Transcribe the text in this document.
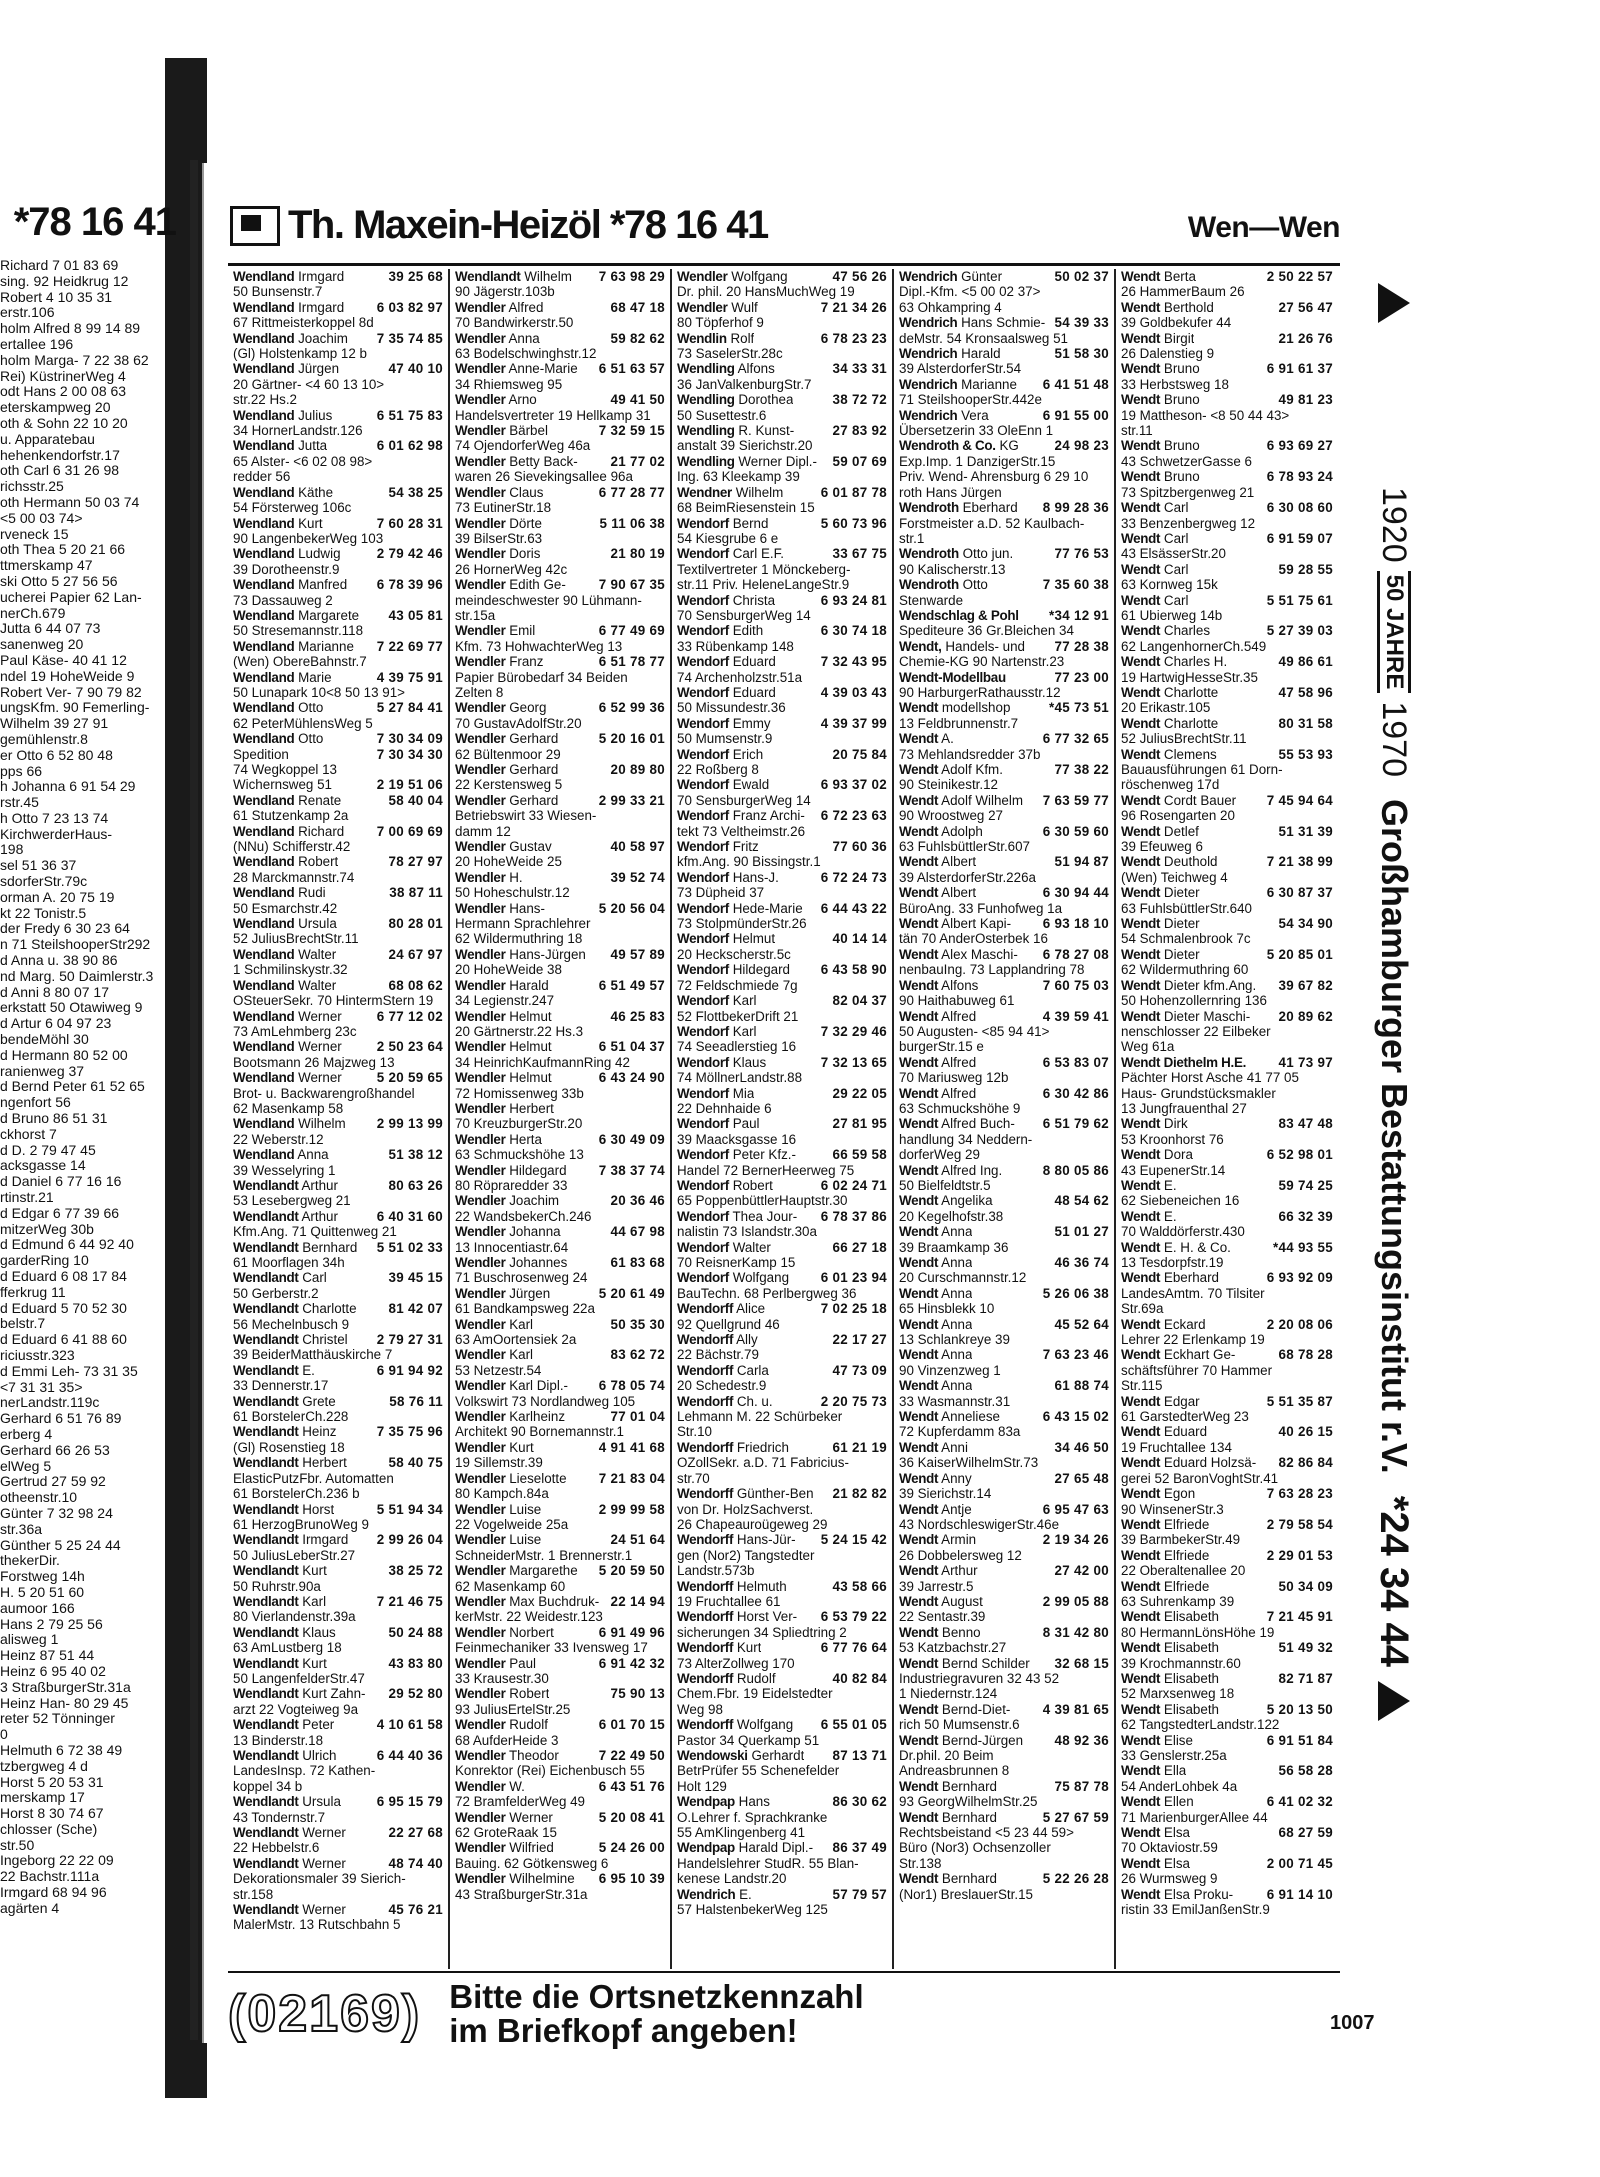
*78 16 41
Richard 7 01 83 69
sing. 92 Heidkrug 12
Robert 4 10 35 31
erstr.106
holm Alfred 8 99 14 89
ertallee 196
holm Marga- 7 22 38 62
Rei) KüstrinerWeg 4
odt Hans 2 00 08 63
eterskampweg 20
oth & Sohn 22 10 20
u. Apparatebau
hehenkendorfstr.17
oth Carl 6 31 26 98
richsstr.25
oth Hermann 50 03 74
<5 00 03 74>
rveneck 15
oth Thea 5 20 21 66
ttmerskamp 47
ski Otto 5 27 56 56
ucherei Papier 62 Lan-
nerCh.679
Jutta 6 44 07 73
sanenweg 20
Paul Käse- 40 41 12
ndel 19 HoheWeide 9
Robert Ver- 7 90 79 82
ungsKfm. 90 Femerling-
Wilhelm 39 27 91
gemühlenstr.8
er Otto 6 52 80 48
pps 66
h Johanna 6 91 54 29
rstr.45
h Otto 7 23 13 74
KirchwerderHaus-
198
sel 51 36 37
sdorferStr.79c
orman A. 20 75 19
kt 22 Tonistr.5
der Fredy 6 30 23 64
n 71 SteilshooperStr292
d Anna u. 38 90 86
nd Marg. 50 Daimlerstr.3
d Anni 8 80 07 17
erkstatt 50 Otawiweg 9
d Artur 6 04 97 23
bendeMöhl 30
d Hermann 80 52 00
ranienweg 37
d Bernd Peter 61 52 65
ngenfort 56
d Bruno 86 51 31
ckhorst 7
d D. 2 79 47 45
acksgasse 14
d Daniel 6 77 16 16
rtinstr.21
d Edgar 6 77 39 66
mitzerWeg 30b
d Edmund 6 44 92 40
garderRing 10
d Eduard 6 08 17 84
fferkrug 11
d Eduard 5 70 52 30
belstr.7
d Eduard 6 41 88 60
riciusstr.323
d Emmi Leh- 73 31 35
<7 31 31 35>
nerLandstr.119c
Gerhard 6 51 76 89
erberg 4
Gerhard 66 26 53
elWeg 5
Gertrud 27 59 92
otheenstr.10
Günter 7 32 98 24
str.36a
Günther 5 25 24 44
thekerDir.
Forstweg 14h
H. 5 20 51 60
aumoor 166
Hans 2 79 25 56
alisweg 1
Heinz 87 51 44
Heinz 6 95 40 02
3 StraßburgerStr.31a
Heinz Han- 80 29 45
reter 52 Tönninger
0
Helmuth 6 72 38 49
tzbergweg 4 d
Horst 5 20 53 31
merskamp 17
Horst 8 30 74 67
chlosser (Sche)
str.50
Ingeborg 22 22 09
22 Bachstr.111a
Irmgard 68 94 96
agärten 4
Th. Maxein-Heizöl *78 16 41	Wen—Wen
Wendland Irmgard	39 25 68
50 Bunsenstr.7
Wendland Irmgard 6 03 82 97
67 Rittmeisterkoppel 8d
Wendland Joachim 7 35 74 85
(Gl) Holstenkamp 12 b
Wendland Jürgen	47 40 10
20 Gärtner- <4 60 13 10>
str.22 Hs.2
Wendland Julius	6 51 75 83
34 HornerLandstr.126
Wendland Jutta	6 01 62 98
65 Alster- <6 02 08 98>
redder 56
Wendland Käthe	54 38 25
54 Försterweg 106c
Wendland Kurt	7 60 28 31
90 LangenbekerWeg 103
Wendland Ludwig	2 79 42 46
39 Dorotheenstr.9
Wendland Manfred 6 78 39 96
73 Dassauweg 2
Wendland Margarete 43 05 81
50 Stresemannstr.118
Wendland Marianne 7 22 69 77
(Wen) ObereBahnstr.7
Wendland Marie	4 39 75 91
50 Lunapark 10<8 50 13 91>
Wendland Otto	5 27 84 41
62 PeterMühlensWeg 5
Wendland Otto	7 30 34 09
Spedition	7 30 34 30
74 Wegkoppel 13
Wichernsweg 51	2 19 51 06
Wendland Renate	58 40 04
61 Stutzenkamp 2a
Wendland Richard 7 00 69 69
(NNu) Schifferstr.42
Wendland Robert	78 27 97
28 Marckmannstr.74
Wendland Rudi	38 87 11
50 Esmarchstr.42
Wendland Ursula	80 28 01
52 JuliusBrechtStr.11
Wendland Walter	24 67 97
1 Schmilinskystr.32
Wendland Walter	68 08 62
OSteuerSekr. 70 HintermStern 19
Wendland Werner	6 77 12 02
73 AmLehmberg 23c
Wendland Werner	2 50 23 64
Bootsmann 26 Majzweg 13
Wendland Werner	5 20 59 65
Brot- u. Backwarengroßhandel
62 Masenkamp 58
Wendland Wilhelm 2 99 13 99
22 Weberstr.12
Wendland Anna	51 38 12
39 Wesselyring 1
Wendlandt Arthur	80 63 26
53 Lesebergweg 21
Wendlandt Arthur	6 40 31 60
Kfm.Ang. 71 Quittenweg 21
Wendlandt Bernhard 5 51 02 33
61 Moorflagen 34h
Wendlandt Carl	39 45 15
50 Gerberstr.2
Wendlandt Charlotte 81 42 07
56 Mechelnbusch 9
Wendlandt Christel 2 79 27 31
39 BeiderMatthäuskirche 7
Wendlandt E.	6 91 94 92
33 Dennerstr.17
Wendlandt Grete	58 76 11
61 BorstelerCh.228
Wendlandt Heinz	7 35 75 96
(Gl) Rosenstieg 18
Wendlandt Herbert	58 40 75
ElasticPutzFbr. Automatten
61 BorstelerCh.236 b
Wendlandt Horst	5 51 94 34
61 HerzogBrunoWeg 9
Wendlandt Irmgard 2 99 26 04
50 JuliusLeberStr.27
Wendlandt Kurt	38 25 72
50 Ruhrstr.90a
Wendlandt Karl	7 21 46 75
80 Vierlandenstr.39a
Wendlandt Klaus	50 24 88
63 AmLustberg 18
Wendlandt Kurt	43 83 80
50 LangenfelderStr.47
Wendlandt Kurt Zahn- 29 52 80
arzt 22 Vogteiweg 9a
Wendlandt Peter	4 10 61 58
13 Binderstr.18
Wendlandt Ulrich	6 44 40 36
LandesInsp. 72 Kathen-
koppel 34 b
Wendlandt Ursula	6 95 15 79
43 Tondernstr.7
Wendlandt Werner	22 27 68
22 Hebbelstr.6
Wendlandt Werner	48 74 40
Dekorationsmaler 39 Sierich-
str.158
Wendlandt Werner	45 76 21
MalerMstr. 13 Rutschbahn 5
Wendlandt Wilhelm 7 63 98 29
90 Jägerstr.103b
Wendler Alfred	68 47 18
70 Bandwirkerstr.50
Wendler Anna	59 82 62
63 Bodelschwinghstr.12
Wendler Anne-Marie 6 51 63 57
34 Rhiemsweg 95
Wendler Arno	49 41 50
Handelsvertreter 19 Hellkamp 31
Wendler Bärbel	7 32 59 15
74 OjendorferWeg 46a
Wendler Betty Back- 21 77 02
waren 26 Sievekingsallee 96a
Wendler Claus	6 77 28 77
73 EutinerStr.18
Wendler Dörte	5 11 06 38
39 BilserStr.63
Wendler Doris	21 80 19
26 HornerWeg 42c
Wendler Edith Ge- 7 90 67 35
meindeschwester 90 Lühmann-
str.15a
Wendler Emil	6 77 49 69
Kfm. 73 HohwachterWeg 13
Wendler Franz	6 51 78 77
Papier Bürobedarf 34 Beiden
Zelten 8
Wendler Georg	6 52 99 36
70 GustavAdolfStr.20
Wendler Gerhard	5 20 16 01
62 Bültenmoor 29
Wendler Gerhard	20 89 80
22 Kerstensweg 5
Wendler Gerhard	2 99 33 21
Betriebswirt 33 Wiesen-
damm 12
Wendler Gustav	40 58 97
20 HoheWeide 25
Wendler H.	39 52 74
50 Hoheschulstr.12
Wendler Hans-	5 20 56 04
Hermann Sprachlehrer
62 Wildermuthring 18
Wendler Hans-Jürgen 49 57 89
20 HoheWeide 38
Wendler Harald	6 51 49 57
34 Legienstr.247
Wendler Helmut	46 25 83
20 Gärtnerstr.22 Hs.3
Wendler Helmut	6 51 04 37
34 HeinrichKaufmannRing 42
Wendler Helmut	6 43 24 90
72 Homissenweg 33b
Wendler Herbert
70 KreuzburgerStr.20
Wendler Herta	6 30 49 09
63 Schmuckshöhe 13
Wendler Hildegard 7 38 37 74
80 Röpraredder 33
Wendler Joachim	20 36 46
22 WandsbekerCh.246
Wendler Johanna	44 67 98
13 Innocentiastr.64
Wendler Johannes	61 83 68
71 Buschrosenweg 24
Wendler Jürgen	5 20 61 49
61 Bandkampsweg 22a
Wendler Karl	50 35 30
63 AmOortensiek 2a
Wendler Karl	83 62 72
53 Netzestr.54
Wendler Karl Dipl.- 6 78 05 74
Volkswirt 73 Nordlandweg 105
Wendler Karlheinz	77 01 04
Architekt 90 Bornemannstr.1
Wendler Kurt	4 91 41 68
19 Sillemstr.39
Wendler Lieselotte 7 21 83 04
80 Kampch.84a
Wendler Luise	2 99 99 58
22 Vogelweide 25a
Wendler Luise	24 51 64
SchneiderMstr. 1 Brennerstr.1
Wendler Margarethe 5 20 59 50
62 Masenkamp 60
Wendler Max Buchdruk- 22 14 94
kerMstr. 22 Weidestr.123
Wendler Norbert	6 91 49 96
Feinmechaniker 33 Ivensweg 17
Wendler Paul	6 91 42 32
33 Krausestr.30
Wendler Robert	75 90 13
93 JuliusErtelStr.25
Wendler Rudolf	6 01 70 15
68 AufderHeide 3
Wendler Theodor	7 22 49 50
Konrektor (Rei) Eichenbusch 55
Wendler W.	6 43 51 76
72 BramfelderWeg 49
Wendler Werner	5 20 08 41
62 GroteRaak 15
Wendler Wilfried	5 24 26 00
Bauing. 62 Götkensweg 6
Wendler Wilhelmine 6 95 10 39
43 StraßburgerStr.31a
Wendler Wolfgang	47 56 26
Dr. phil. 20 HansMuchWeg 19
Wendler Wulf	7 21 34 26
80 Töpferhof 9
Wendlin Rolf	6 78 23 23
73 SaselerStr.28c
Wendling Alfons	34 33 31
36 JanValkenburgStr.7
Wendling Dorothea	38 72 72
50 Susettestr.6
Wendling R. Kunst-	27 83 92
anstalt 39 Sierichstr.20
Wendling Werner Dipl.- 59 07 69
Ing. 63 Kleekamp 39
Wendner Wilhelm	6 01 87 78
68 BeimRiesenstein 15
Wendorf Bernd	5 60 73 96
54 Kiesgrube 6 e
Wendorf Carl E.F.	33 67 75
Textilvertreter 1 Mönckeberg-
str.11 Priv. HeleneLangeStr.9
Wendorf Christa	6 93 24 81
70 SensburgerWeg 14
Wendorf Edith	6 30 74 18
33 Rübenkamp 148
Wendorf Eduard	7 32 43 95
74 Archenholzstr.51a
Wendorf Eduard	4 39 03 43
50 Missundestr.36
Wendorf Emmy	4 39 37 99
50 Mumsenstr.9
Wendorf Erich	20 75 84
22 Roßberg 8
Wendorf Ewald	6 93 37 02
70 SensburgerWeg 14
Wendorf Franz Archi- 6 72 23 63
tekt 73 Veltheimstr.26
Wendorf Fritz	77 60 36
kfm.Ang. 90 Bissingstr.1
Wendorf Hans-J.	6 72 24 73
73 Düpheid 37
Wendorf Hede-Marie 6 44 43 22
73 StolpmünderStr.26
Wendorf Helmut	40 14 14
20 Heckscherstr.5c
Wendorf Hildegard 6 43 58 90
72 Feldschmiede 7g
Wendorf Karl	82 04 37
52 FlottbekerDrift 21
Wendorf Karl	7 32 29 46
74 Seeadlerstieg 16
Wendorf Klaus	7 32 13 65
74 MöllnerLandstr.88
Wendorf Mia	29 22 05
22 Dehnhaide 6
Wendorf Paul	27 81 95
39 Maacksgasse 16
Wendorf Peter Kfz.-	66 59 58
Handel 72 BernerHeerweg 75
Wendorf Robert	6 02 24 71
65 PoppenbüttlerHauptstr.30
Wendorf Thea Jour- 6 78 37 86
nalistin 73 Islandstr.30a
Wendorf Walter	66 27 18
70 ReisnerKamp 15
Wendorf Wolfgang 6 01 23 94
BauTechn. 68 Perlbergweg 36
Wendorff Alice	7 02 25 18
92 Quellgrund 46
Wendorff Ally	22 17 27
22 Bächstr.79
Wendorff Carla	47 73 09
20 Schedestr.9
Wendorff Ch. u.	2 20 75 73
Lehmann M. 22 Schürbeker
Str.10
Wendorff Friedrich	61 21 19
OZollSekr. a.D. 71 Fabricius-
str.70
Wendorff Günther-Ben 21 82 82
von Dr. HolzSachverst.
26 Chapeauroügeweg 29
Wendorff Hans-Jür- 5 24 15 42
gen (Nor2) Tangstedter
Landstr.573b
Wendorff Helmuth	43 58 66
19 Fruchtallee 61
Wendorff Horst Ver- 6 53 79 22
sicherungen 34 Spliedtring 2
Wendorff Kurt	6 77 76 64
73 AlterZollweg 170
Wendorff Rudolf	40 82 84
Chem.Fbr. 19 Eidelstedter
Weg 98
Wendorff Wolfgang 6 55 01 05
Pastor 34 Querkamp 51
Wendowski Gerhardt 87 13 71
BetrPrüfer 55 Schenefelder
Holt 129
Wendpap Hans	86 30 62
O.Lehrer f. Sprachkranke
55 AmKlingenberg 41
Wendpap Harald Dipl.- 86 37 49
Handelslehrer StudR. 55 Blan-
kenese Landstr.20
Wendrich E.	57 79 57
57 HalstenbekerWeg 125
Wendrich Günter	50 02 37
Dipl.-Kfm. <5 00 02 37>
63 Ohkampring 4
Wendrich Hans Schmie- 54 39 33
deMstr. 54 Kronsaalsweg 51
Wendrich Harald	51 58 30
39 AlsterdorferStr.54
Wendrich Marianne 6 41 51 48
71 SteilshooperStr.442e
Wendrich Vera	6 91 55 00
Übersetzerin 33 OleEnn 1
Wendroth & Co. KG	24 98 23
Exp.Imp. 1 DanzigerStr.15
Priv. Wend- Ahrensburg 6 29 10
roth Hans Jürgen
Wendroth Eberhard 8 99 28 36
Forstmeister a.D. 52 Kaulbach-
str.1
Wendroth Otto jun.	77 76 53
90 Kalischerstr.13
Wendroth Otto	7 35 60 38
Stenwarde
Wendschlag & Pohl *34 12 91
Spediteure 36 Gr.Bleichen 34
Wendt, Handels- und 77 28 38
Chemie-KG 90 Nartenstr.23
Wendt-Modellbau	77 23 00
90 HarburgerRathausstr.12
Wendt modellshop	*45 73 51
13 Feldbrunnenstr.7
Wendt A.	6 77 32 65
73 Mehlandsredder 37b
Wendt Adolf Kfm.	77 38 22
90 Steinikestr.12
Wendt Adolf Wilhelm 7 63 59 77
90 Wroostweg 27
Wendt Adolph	6 30 59 60
63 FuhlsbüttlerStr.607
Wendt Albert	51 94 87
39 AlsterdorferStr.226a
Wendt Albert	6 30 94 44
BüroAng. 33 Funhofweg 1a
Wendt Albert Kapi- 6 93 18 10
tän 70 AnderOsterbek 16
Wendt Alex Maschi- 6 78 27 08
nenbauIng. 73 Lapplandring 78
Wendt Alfons	7 60 75 03
90 Haithabuweg 61
Wendt Alfred	4 39 59 41
50 Augusten- <85 94 41>
burgerStr.15 e
Wendt Alfred	6 53 83 07
70 Mariusweg 12b
Wendt Alfred	6 30 42 86
63 Schmuckshöhe 9
Wendt Alfred Buch- 6 51 79 62
handlung 34 Neddern-
dorferWeg 29
Wendt Alfred Ing.	8 80 05 86
50 Bielfeldtstr.5
Wendt Angelika	48 54 62
20 Kegelhofstr.38
Wendt Anna	51 01 27
39 Braamkamp 36
Wendt Anna	46 36 74
20 Curschmannstr.12
Wendt Anna	5 26 06 38
65 Hinsblekk 10
Wendt Anna	45 52 64
13 Schlankreye 39
Wendt Anna	7 63 23 46
90 Vinzenzweg 1
Wendt Anna	61 88 74
33 Wasmannstr.31
Wendt Anneliese	6 43 15 02
72 Kupferdamm 83a
Wendt Anni	34 46 50
36 KaiserWilhelmStr.73
Wendt Anny	27 65 48
39 Sierichstr.14
Wendt Antje	6 95 47 63
43 NordschleswigerStr.46e
Wendt Armin	2 19 34 26
26 Dobbelersweg 12
Wendt Arthur	27 42 00
39 Jarrestr.5
Wendt August	2 99 05 88
22 Sentastr.39
Wendt Benno	8 31 42 80
53 Katzbachstr.27
Wendt Bernd Schilder 32 68 15
Industriegravuren 32 43 52
1 Niedernstr.124
Wendt Bernd-Diet- 4 39 81 65
rich 50 Mumsenstr.6
Wendt Bernd-Jürgen 48 92 36
Dr.phil. 20 Beim
Andreasbrunnen 8
Wendt Bernhard	75 87 78
93 GeorgWilhelmStr.25
Wendt Bernhard	5 27 67 59
Rechtsbeistand <5 23 44 59>
Büro (Nor3) Ochsenzoller
Str.138
Wendt Bernhard	5 22 26 28
(Nor1) BreslauerStr.15
Wendt Berta	2 50 22 57
26 HammerBaum 26
Wendt Berthold	27 56 47
39 Goldbekufer 44
Wendt Birgit	21 26 76
26 Dalenstieg 9
Wendt Bruno	6 91 61 37
33 Herbstsweg 18
Wendt Bruno	49 81 23
19 Mattheson- <8 50 44 43>
str.11
Wendt Bruno	6 93 69 27
43 SchwetzerGasse 6
Wendt Bruno	6 78 93 24
73 Spitzbergenweg 21
Wendt Carl	6 30 08 60
33 Benzenbergweg 12
Wendt Carl	6 91 59 07
43 ElsässerStr.20
Wendt Carl	59 28 55
63 Kornweg 15k
Wendt Carl	5 51 75 61
61 Ubierweg 14b
Wendt Charles	5 27 39 03
62 LangenhornerCh.549
Wendt Charles H.	49 86 61
19 HartwigHesseStr.35
Wendt Charlotte	47 58 96
20 Erikastr.105
Wendt Charlotte	80 31 58
52 JuliusBrechtStr.11
Wendt Clemens	55 53 93
Bauausführungen 61 Dorn-
röschenweg 17d
Wendt Cordt Bauer 7 45 94 64
96 Rosengarten 20
Wendt Detlef	51 31 39
39 Efeuweg 6
Wendt Deuthold	7 21 38 99
(Wen) Teichweg 4
Wendt Dieter	6 30 87 37
63 FuhlsbüttlerStr.640
Wendt Dieter	54 34 90
54 Schmalenbrook 7c
Wendt Dieter	5 20 85 01
62 Wildermuthring 60
Wendt Dieter kfm.Ang. 39 67 82
50 Hohenzollernring 136
Wendt Dieter Maschi- 20 89 62
nenschlosser 22 Eilbeker
Weg 61a
Wendt Diethelm H.E. 41 73 97
Pächter Horst Asche 41 77 05
Haus- Grundstücksmakler
13 Jungfrauenthal 27
Wendt Dirk	83 47 48
53 Kroonhorst 76
Wendt Dora	6 52 98 01
43 EupenerStr.14
Wendt E.	59 74 25
62 Siebeneichen 16
Wendt E.	66 32 39
70 Walddörferstr.430
Wendt E. H. & Co.	*44 93 55
13 Tesdorpfstr.19
Wendt Eberhard	6 93 92 09
LandesAmtm. 70 Tilsiter
Str.69a
Wendt Eckard	2 20 08 06
Lehrer 22 Erlenkamp 19
Wendt Eckhart Ge-	68 78 28
schäftsführer 70 Hammer
Str.115
Wendt Edgar	5 51 35 87
61 GarstedterWeg 23
Wendt Eduard	40 26 15
19 Fruchtallee 134
Wendt Eduard Holzsä- 82 86 84
gerei 52 BaronVoghtStr.41
Wendt Egon	7 63 28 23
90 WinsenerStr.3
Wendt Elfriede	2 79 58 54
39 BarmbekerStr.49
Wendt Elfriede	2 29 01 53
22 Oberaltenallee 20
Wendt Elfriede	50 34 09
63 Suhrenkamp 39
Wendt Elisabeth	7 21 45 91
80 HermannLönsHöhe 19
Wendt Elisabeth	51 49 32
39 Krochmannstr.60
Wendt Elisabeth	82 71 87
52 Marxsenweg 18
Wendt Elisabeth	5 20 13 50
62 TangstedterLandstr.122
Wendt Elise	6 91 51 84
33 Genslerstr.25a
Wendt Ella	56 58 28
54 AnderLohbek 4a
Wendt Ellen	6 41 02 32
71 MarienburgerAllee 44
Wendt Elsa	68 27 59
70 Oktaviostr.59
Wendt Elsa	2 00 71 45
26 Wurmsweg 9
Wendt Elsa Proku-	6 91 14 10
ristin 33 EmilJanßenStr.9
1920
50 JAHRE
1970
Großhamburger Bestattungsinstitut r.V.
*24 34 44
(02169) Bitte die Ortsnetzkennzahl
im Briefkopf angeben!	1007
